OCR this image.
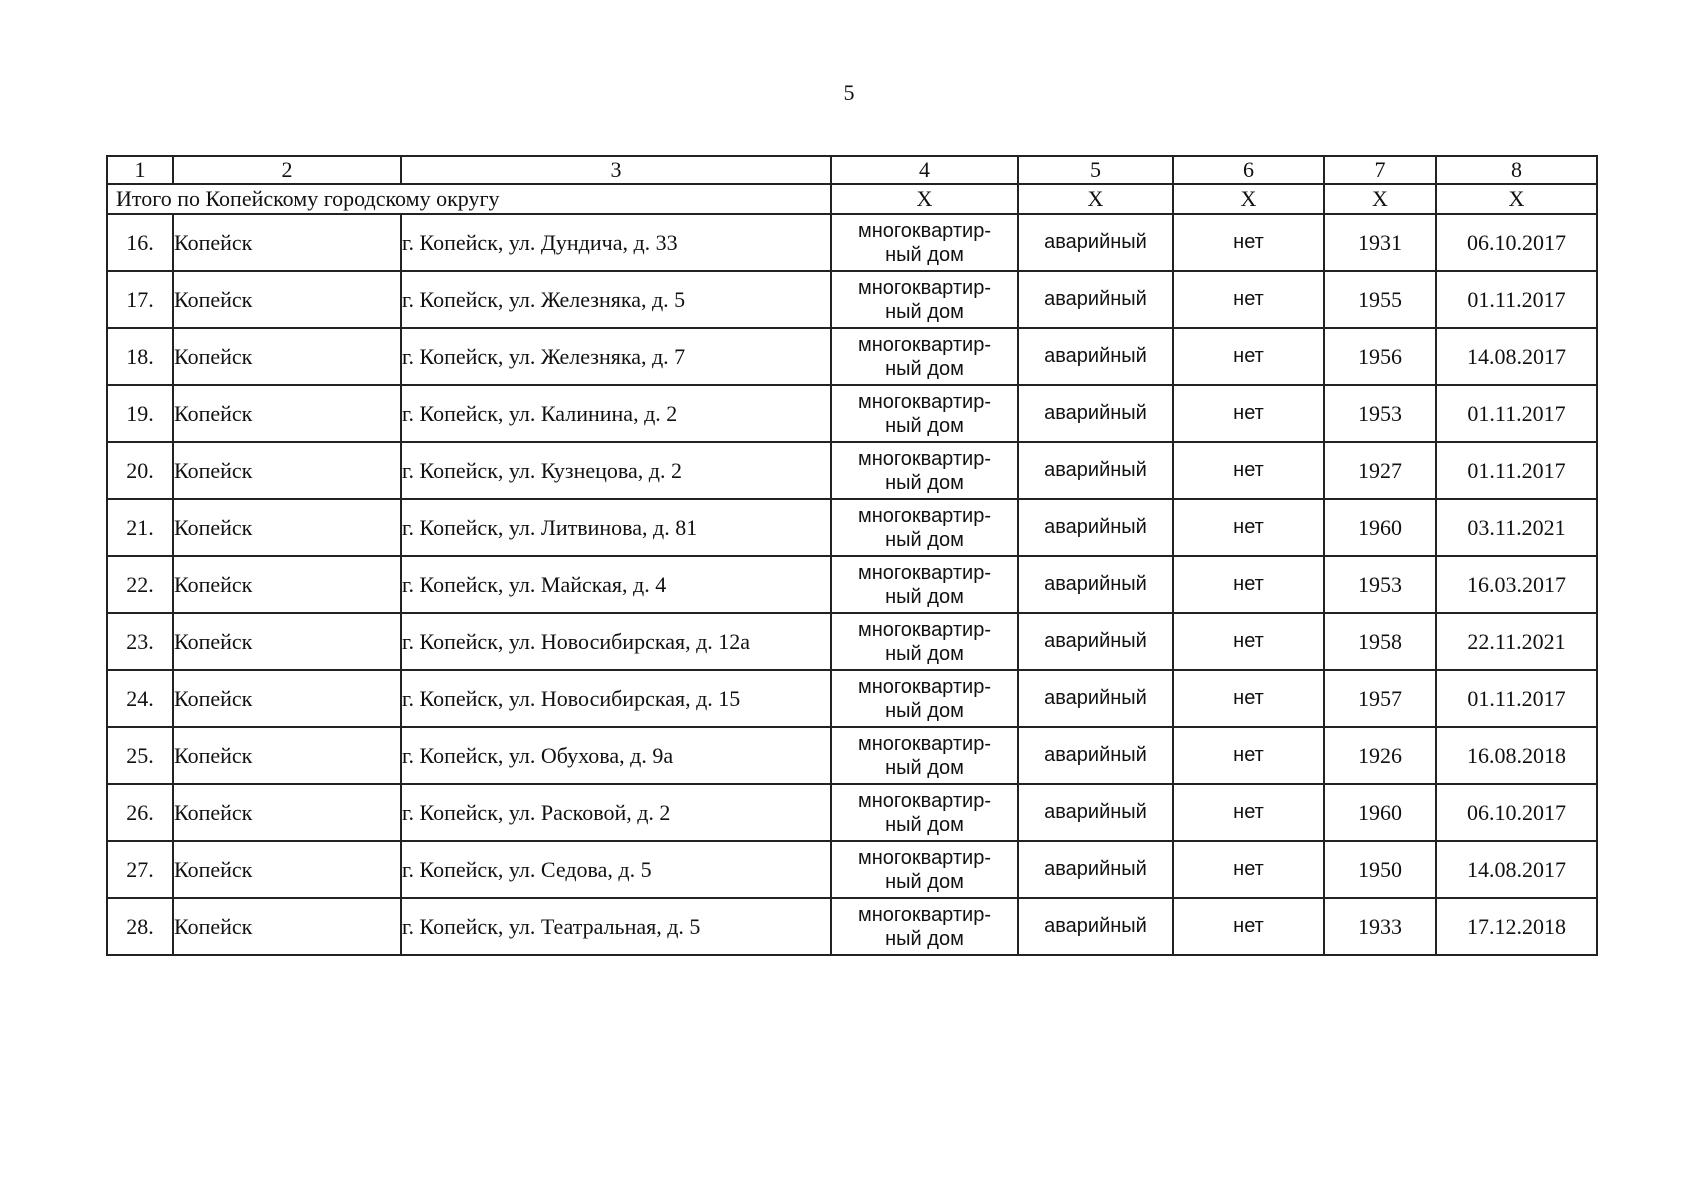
5
1	2	3	4	5	6	7	8
Итого по Копейскому городскому округу			X	X	X	X	X
16.	Копейск	г. Копейск, ул. Дундича, д. 33	многоквартир-
ный дом	аварийный	нет	1931	06.10.2017
17.	Копейск	г. Копейск, ул. Железняка, д. 5	многоквартир-
ный дом	аварийный	нет	1955	01.11.2017
18.	Копейск	г. Копейск, ул. Железняка, д. 7	многоквартир-
ный дом	аварийный	нет	1956	14.08.2017
19.	Копейск	г. Копейск, ул. Калинина, д. 2	многоквартир-
ный дом	аварийный	нет	1953	01.11.2017
20.	Копейск	г. Копейск, ул. Кузнецова, д. 2	многоквартир-
ный дом	аварийный	нет	1927	01.11.2017
21.	Копейск	г. Копейск, ул. Литвинова, д. 81	многоквартир-
ный дом	аварийный	нет	1960	03.11.2021
22.	Копейск	г. Копейск, ул. Майская, д. 4	многоквартир-
ный дом	аварийный	нет	1953	16.03.2017
23.	Копейск	г. Копейск, ул. Новосибирская, д. 12а	многоквартир-
ный дом	аварийный	нет	1958	22.11.2021
24.	Копейск	г. Копейск, ул. Новосибирская, д. 15	многоквартир-
ный дом	аварийный	нет	1957	01.11.2017
25.	Копейск	г. Копейск, ул. Обухова, д. 9а	многоквартир-
ный дом	аварийный	нет	1926	16.08.2018
26.	Копейск	г. Копейск, ул. Расковой, д. 2	многоквартир-
ный дом	аварийный	нет	1960	06.10.2017
27.	Копейск	г. Копейск, ул. Седова, д. 5	многоквартир-
ный дом	аварийный	нет	1950	14.08.2017
28.	Копейск	г. Копейск, ул. Театральная, д. 5	многоквартир-
ный дом	аварийный	нет	1933	17.12.2018
